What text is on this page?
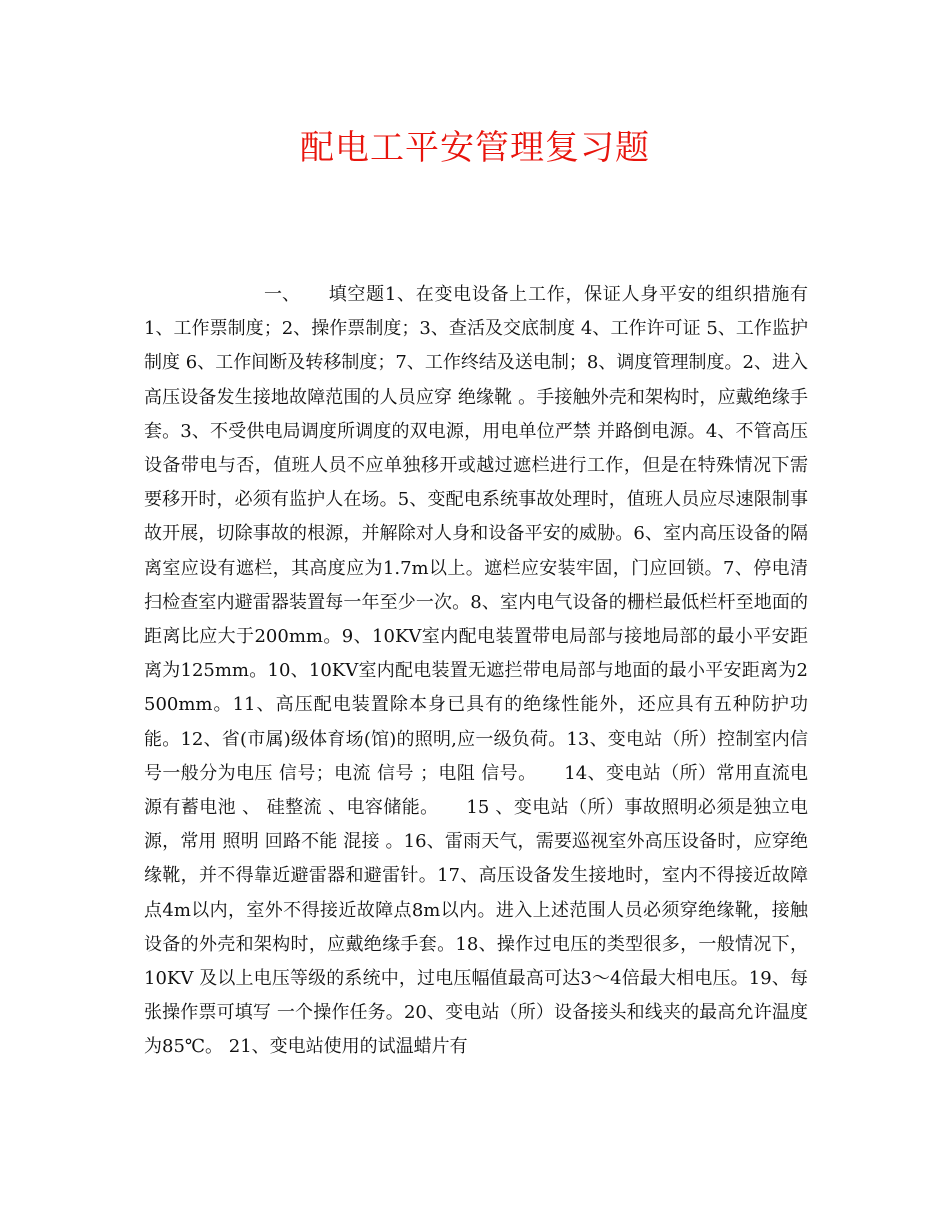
配电工平安管理复习题
一、 填空题1、在变电设备上工作，保证人身平安的组织措施有1、工作票制度；2、操作票制度；3、查活及交底制度 4、工作许可证 5、工作监护制度 6、工作间断及转移制度；7、工作终结及送电制；8、调度管理制度。2、进入高压设备发生接地故障范围的人员应穿 绝缘靴 。手接触外壳和架构时，应戴绝缘手套。3、不受供电局调度所调度的双电源，用电单位严禁 并路倒电源。4、不管高压设备带电与否，值班人员不应单独移开或越过遮栏进行工作，但是在特殊情况下需要移开时，必须有监护人在场。5、变配电系统事故处理时，值班人员应尽速限制事故开展，切除事故的根源，并解除对人身和设备平安的威胁。6、室内高压设备的隔离室应设有遮栏，其高度应为1.7m以上。遮栏应安装牢固，门应回锁。7、停电清扫检查室内避雷器装置每一年至少一次。8、室内电气设备的栅栏最低栏杆至地面的距离比应大于200mm。9、10KV室内配电装置带电局部与接地局部的最小平安距离为125mm。10、10KV室内配电装置无遮拦带电局部与地面的最小平安距离为2500mm。11、高压配电装置除本身已具有的绝缘性能外，还应具有五种防护功能。12、省(市属)级体育场(馆)的照明,应一级负荷。13、变电站（所）控制室内信号一般分为电压 信号；电流 信号 ；电阻 信号。　　14、变电站（所）常用直流电源有蓄电池 、 硅整流 、电容储能。　　15 、变电站（所）事故照明必须是独立电源，常用 照明 回路不能 混接 。16、雷雨天气，需要巡视室外高压设备时，应穿绝缘靴，并不得靠近避雷器和避雷针。17、高压设备发生接地时，室内不得接近故障点4m以内，室外不得接近故障点8m以内。进入上述范围人员必须穿绝缘靴，接触设备的外壳和架构时，应戴绝缘手套。18、操作过电压的类型很多，一般情况下，10KV 及以上电压等级的系统中，过电压幅值最高可达3～4倍最大相电压。19、每张操作票可填写 一个操作任务。20、变电站（所）设备接头和线夹的最高允许温度为85℃。 21、变电站使用的试温蜡片有
